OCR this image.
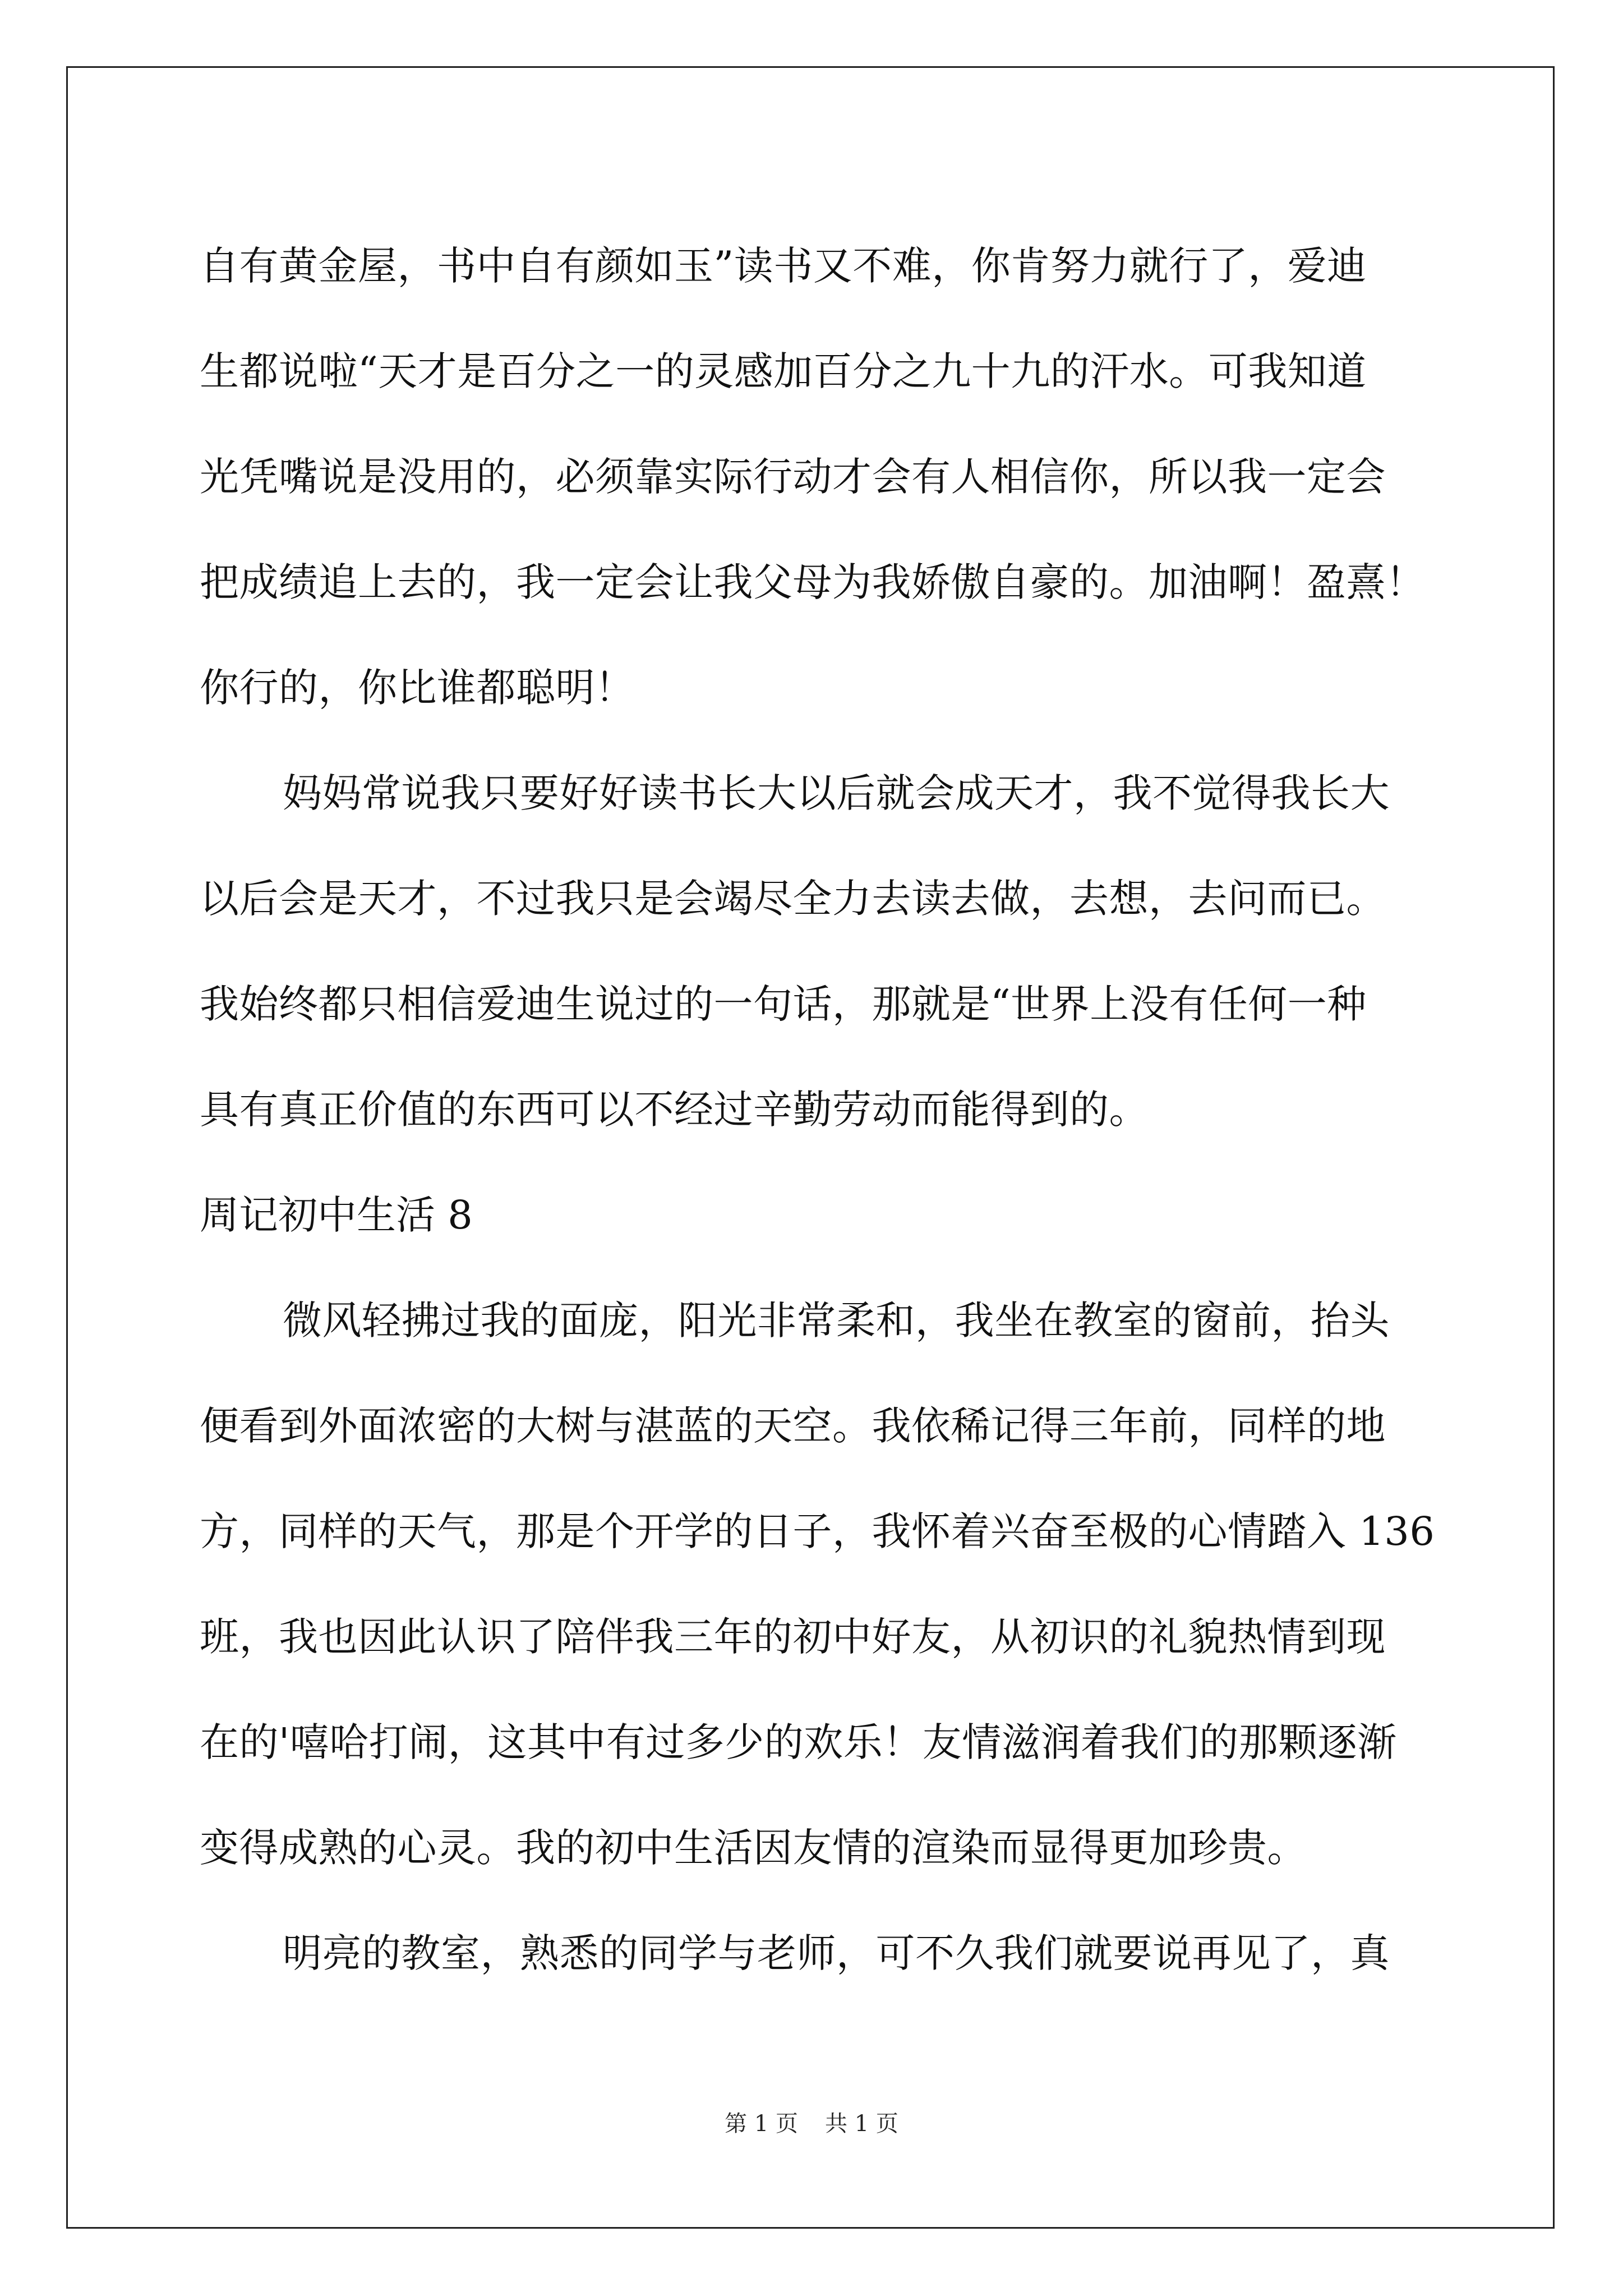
自有黄金屋，书中自有颜如玉”读书又不难，你肯努力就行了，爱迪
生都说啦“天才是百分之一的灵感加百分之九十九的汗水。可我知道
光凭嘴说是没用的，必须靠实际行动才会有人相信你，所以我一定会
把成绩追上去的，我一定会让我父母为我娇傲自豪的。加油啊！盈熹！
你行的，你比谁都聪明！
妈妈常说我只要好好读书长大以后就会成天才，我不觉得我长大
以后会是天才，不过我只是会竭尽全力去读去做，去想，去问而已。
我始终都只相信爱迪生说过的一句话，那就是“世界上没有任何一种
具有真正价值的东西可以不经过辛勤劳动而能得到的。
周记初中生活 8
微风轻拂过我的面庞，阳光非常柔和，我坐在教室的窗前，抬头
便看到外面浓密的大树与湛蓝的天空。我依稀记得三年前，同样的地
方，同样的天气，那是个开学的日子，我怀着兴奋至极的心情踏入 136
班，我也因此认识了陪伴我三年的初中好友，从初识的礼貌热情到现
在的'嘻哈打闹，这其中有过多少的欢乐！友情滋润着我们的那颗逐渐
变得成熟的心灵。我的初中生活因友情的渲染而显得更加珍贵。
明亮的教室，熟悉的同学与老师，可不久我们就要说再见了，真
第 1 页 共 1 页
